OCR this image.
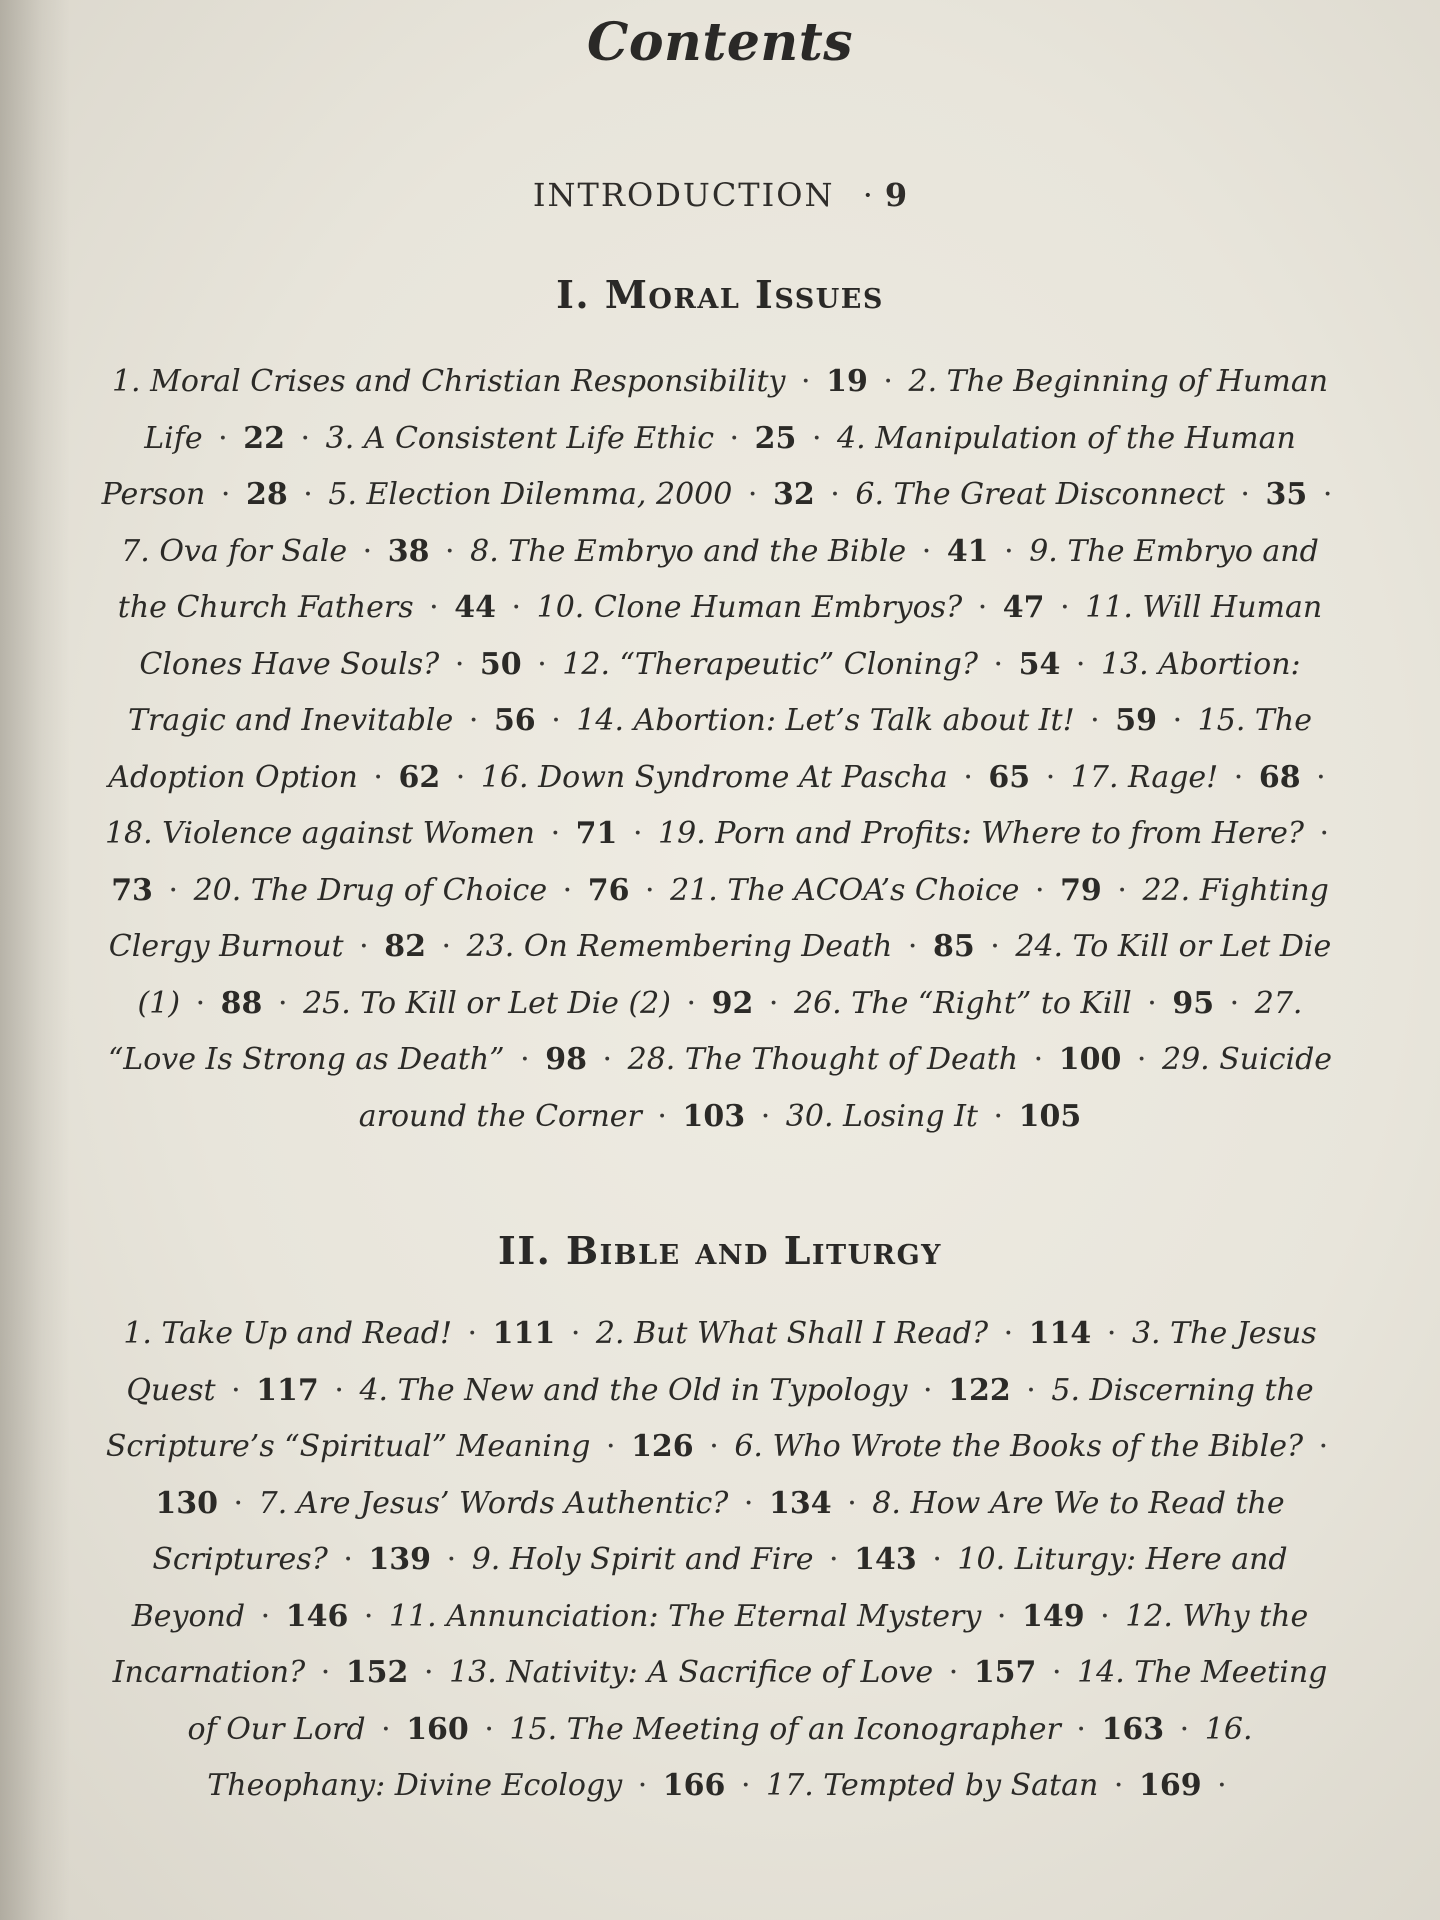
Contents
INTRODUCTION · 9
I. Moral Issues
1. Moral Crises and Christian Responsibility · 19 · 2. The Beginning of Human Life · 22 · 3. A Consistent Life Ethic · 25 · 4. Manipulation of the Human Person · 28 · 5. Election Dilemma, 2000 · 32 · 6. The Great Disconnect · 35 · 7. Ova for Sale · 38 · 8. The Embryo and the Bible · 41 · 9. The Embryo and the Church Fathers · 44 · 10. Clone Human Embryos? · 47 · 11. Will Human Clones Have Souls? · 50 · 12. “Therapeutic” Cloning? · 54 · 13. Abortion: Tragic and Inevitable · 56 · 14. Abortion: Let’s Talk about It! · 59 · 15. The Adoption Option · 62 · 16. Down Syndrome At Pascha · 65 · 17. Rage! · 68 · 18. Violence against Women · 71 · 19. Porn and Profits: Where to from Here? · 73 · 20. The Drug of Choice · 76 · 21. The ACOA’s Choice · 79 · 22. Fighting Clergy Burnout · 82 · 23. On Remembering Death · 85 · 24. To Kill or Let Die (1) · 88 · 25. To Kill or Let Die (2) · 92 · 26. The “Right” to Kill · 95 · 27. “Love Is Strong as Death” · 98 · 28. The Thought of Death · 100 · 29. Suicide around the Corner · 103 · 30. Losing It · 105
II. Bible and Liturgy
1. Take Up and Read! · 111 · 2. But What Shall I Read? · 114 · 3. The Jesus Quest · 117 · 4. The New and the Old in Typology · 122 · 5. Discerning the Scripture’s “Spiritual” Meaning · 126 · 6. Who Wrote the Books of the Bible? · 130 · 7. Are Jesus’ Words Authentic? · 134 · 8. How Are We to Read the Scriptures? · 139 · 9. Holy Spirit and Fire · 143 · 10. Liturgy: Here and Beyond · 146 · 11. Annunciation: The Eternal Mystery · 149 · 12. Why the Incarnation? · 152 · 13. Nativity: A Sacrifice of Love · 157 · 14. The Meeting of Our Lord · 160 · 15. The Meeting of an Iconographer · 163 · 16. Theophany: Divine Ecology · 166 · 17. Tempted by Satan · 169 ·
